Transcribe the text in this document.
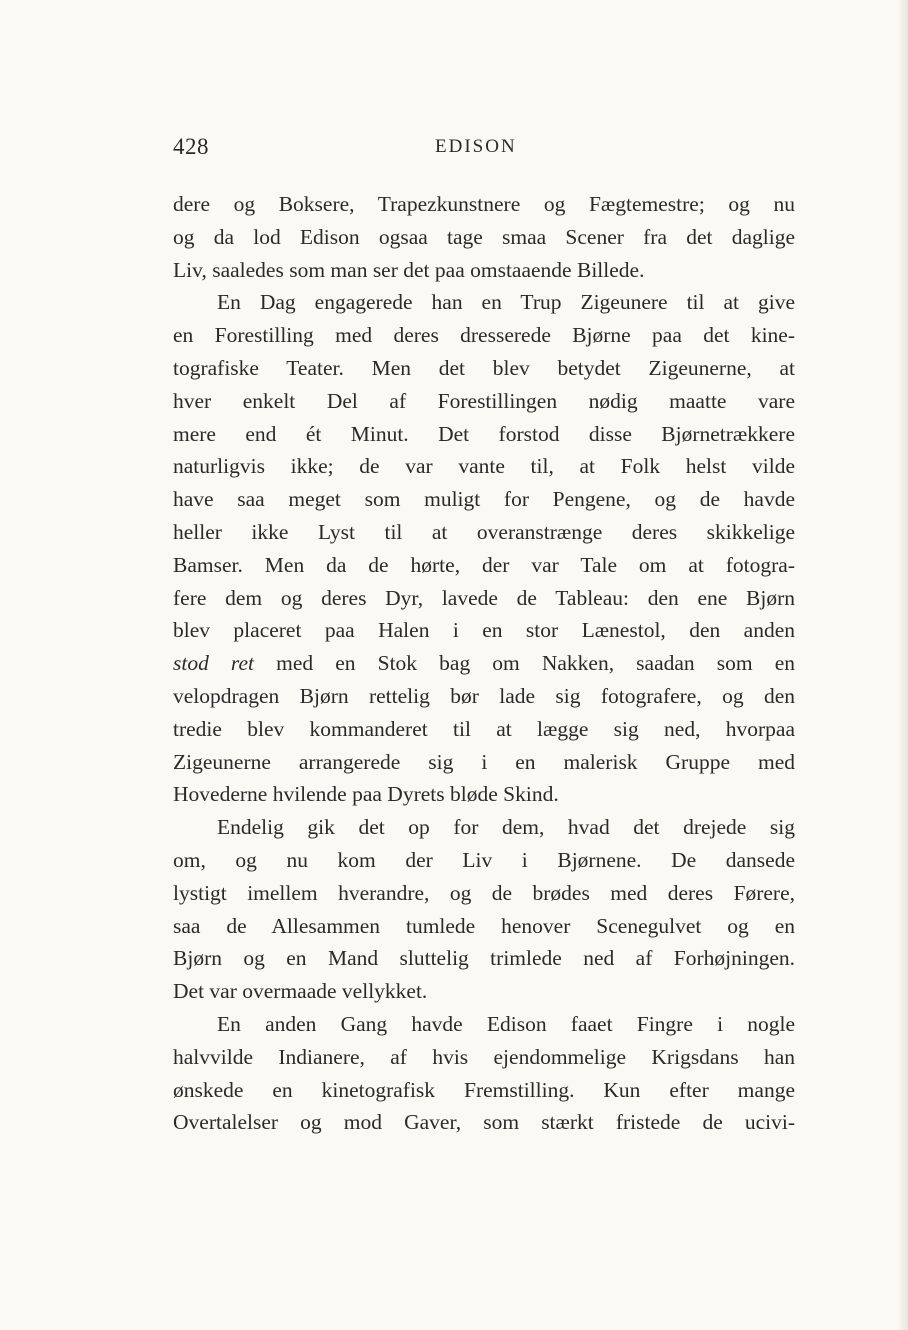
428	EDISON
dere og Boksere, Trapezkunstnere og Fægtemestre; og nu
og da lod Edison ogsaa tage smaa Scener fra det daglige
Liv, saaledes som man ser det paa omstaaende Billede.
En Dag engagerede han en Trup Zigeunere til at give
en Forestilling med deres dresserede Bjørne paa det kine-
tografiske Teater. Men det blev betydet Zigeunerne, at
hver enkelt Del af Forestillingen nødig maatte vare
mere end ét Minut. Det forstod disse Bjørnetrækkere
naturligvis ikke; de var vante til, at Folk helst vilde
have saa meget som muligt for Pengene, og de havde
heller ikke Lyst til at overanstrænge deres skikkelige
Bamser. Men da de hørte, der var Tale om at fotogra-
fere dem og deres Dyr, lavede de Tableau: den ene Bjørn
blev placeret paa Halen i en stor Lænestol, den anden
stod ret med en Stok bag om Nakken, saadan som en
velopdragen Bjørn rettelig bør lade sig fotografere, og den
tredie blev kommanderet til at lægge sig ned, hvorpaa
Zigeunerne arrangerede sig i en malerisk Gruppe med
Hovederne hvilende paa Dyrets bløde Skind.
Endelig gik det op for dem, hvad det drejede sig
om, og nu kom der Liv i Bjørnene. De dansede
lystigt imellem hverandre, og de brødes med deres Førere,
saa de Allesammen tumlede henover Scenegulvet og en
Bjørn og en Mand sluttelig trimlede ned af Forhøjningen.
Det var overmaade vellykket.
En anden Gang havde Edison faaet Fingre i nogle
halvvilde Indianere, af hvis ejendommelige Krigsdans han
ønskede en kinetografisk Fremstilling. Kun efter mange
Overtalelser og mod Gaver, som stærkt fristede de ucivi-
